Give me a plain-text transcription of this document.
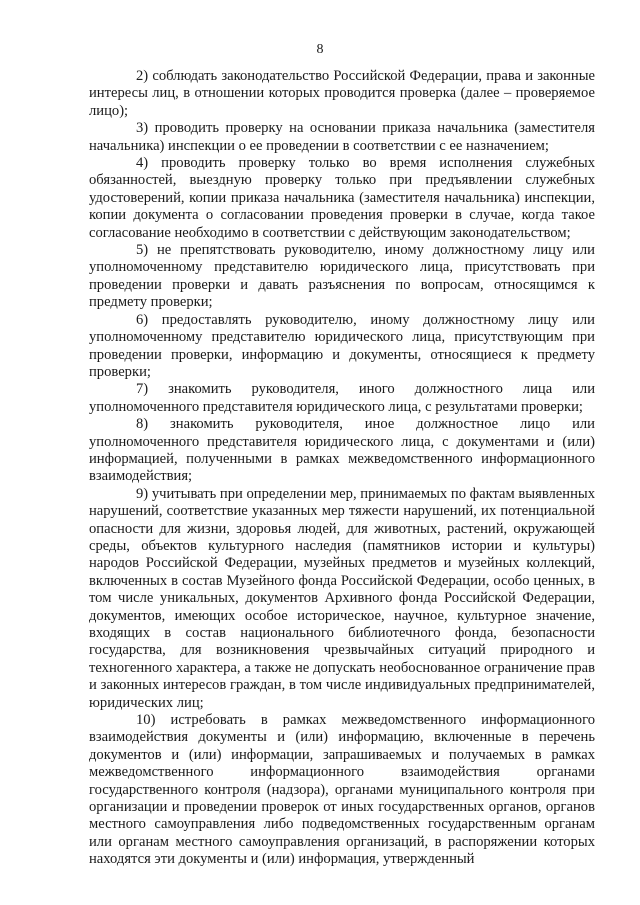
8

2) соблюдать законодательство Российской Федерации, права и законные интересы лиц, в отношении которых проводится проверка (далее – проверяемое лицо);

3) проводить проверку на основании приказа начальника (заместителя начальника) инспекции о ее проведении в соответствии с ее назначением;

4) проводить проверку только во время исполнения служебных обязанностей, выездную проверку только при предъявлении служебных удостоверений, копии приказа начальника (заместителя начальника) инспекции, копии документа о согласовании проведения проверки в случае, когда такое согласование необходимо в соответствии с действующим законодательством;

5) не препятствовать руководителю, иному должностному лицу или уполномоченному представителю юридического лица, присутствовать при проведении проверки и давать разъяснения по вопросам, относящимся к предмету проверки;

6) предоставлять руководителю, иному должностному лицу или уполномоченному представителю юридического лица, присутствующим при проведении проверки, информацию и документы, относящиеся к предмету проверки;

7) знакомить руководителя, иного должностного лица или уполномоченного представителя юридического лица, с результатами проверки;

8) знакомить руководителя, иное должностное лицо или уполномоченного представителя юридического лица, с документами и (или) информацией, полученными в рамках межведомственного информационного взаимодействия;

9) учитывать при определении мер, принимаемых по фактам выявленных нарушений, соответствие указанных мер тяжести нарушений, их потенциальной опасности для жизни, здоровья людей, для животных, растений, окружающей среды, объектов культурного наследия (памятников истории и культуры) народов Российской Федерации, музейных предметов и музейных коллекций, включенных в состав Музейного фонда Российской Федерации, особо ценных, в том числе уникальных, документов Архивного фонда Российской Федерации, документов, имеющих особое историческое, научное, культурное значение, входящих в состав национального библиотечного фонда, безопасности государства, для возникновения чрезвычайных ситуаций природного и техногенного характера, а также не допускать необоснованное ограничение прав и законных интересов граждан, в том числе индивидуальных предпринимателей, юридических лиц;

10) истребовать в рамках межведомственного информационного взаимодействия документы и (или) информацию, включенные в перечень документов и (или) информации, запрашиваемых и получаемых в рамках межведомственного информационного взаимодействия органами государственного контроля (надзора), органами муниципального контроля при организации и проведении проверок от иных государственных органов, органов местного самоуправления либо подведомственных государственным органам или органам местного самоуправления организаций, в распоряжении которых находятся эти документы и (или) информация, утвержденный
